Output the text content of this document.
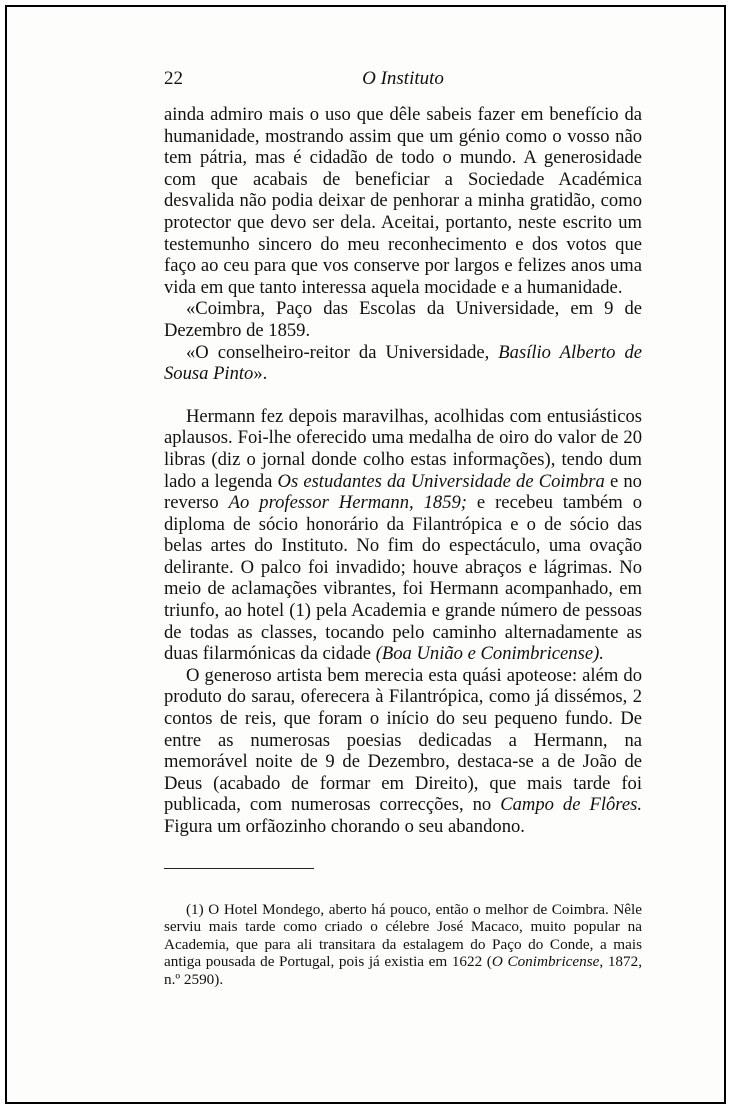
22	O Instituto

ainda admiro mais o uso que dêle sabeis fazer em benefício da humanidade, mostrando assim que um génio como o vosso não tem pátria, mas é cidadão de todo o mundo. A generosidade com que acabais de beneficiar a Sociedade Académica desvalida não podia deixar de penhorar a minha gratidão, como protector que devo ser dela. Aceitai, portanto, neste escrito um testemunho sincero do meu reconhecimento e dos votos que faço ao ceu para que vos conserve por largos e felizes anos uma vida em que tanto interessa aquela mocidade e a humanidade.

«Coimbra, Paço das Escolas da Universidade, em 9 de Dezembro de 1859.

«O conselheiro-reitor da Universidade, Basílio Alberto de Sousa Pinto».

Hermann fez depois maravilhas, acolhidas com entusiásticos aplausos. Foi-lhe oferecido uma medalha de oiro do valor de 20 libras (diz o jornal donde colho estas informações), tendo dum lado a legenda Os estudantes da Universidade de Coimbra e no reverso Ao professor Hermann, 1859; e recebeu também o diploma de sócio honorário da Filantrópica e o de sócio das belas artes do Instituto. No fim do espectáculo, uma ovação delirante. O palco foi invadido; houve abraços e lágrimas. No meio de aclamações vibrantes, foi Hermann acompanhado, em triunfo, ao hotel (1) pela Academia e grande número de pessoas de todas as classes, tocando pelo caminho alternadamente as duas filarmónicas da cidade (Boa União e Conimbricense).

O generoso artista bem merecia esta quási apoteose: além do produto do sarau, oferecera à Filantrópica, como já dissémos, 2 contos de reis, que foram o início do seu pequeno fundo. De entre as numerosas poesias dedicadas a Hermann, na memorável noite de 9 de Dezembro, destaca-se a de João de Deus (acabado de formar em Direito), que mais tarde foi publicada, com numerosas correcções, no Campo de Flôres. Figura um orfãozinho chorando o seu abandono.

(1) O Hotel Mondego, aberto há pouco, então o melhor de Coimbra. Nêle serviu mais tarde como criado o célebre José Macaco, muito popular na Academia, que para ali transitara da estalagem do Paço do Conde, a mais antiga pousada de Portugal, pois já existia em 1622 (O Conimbricense, 1872, n.º 2590).
